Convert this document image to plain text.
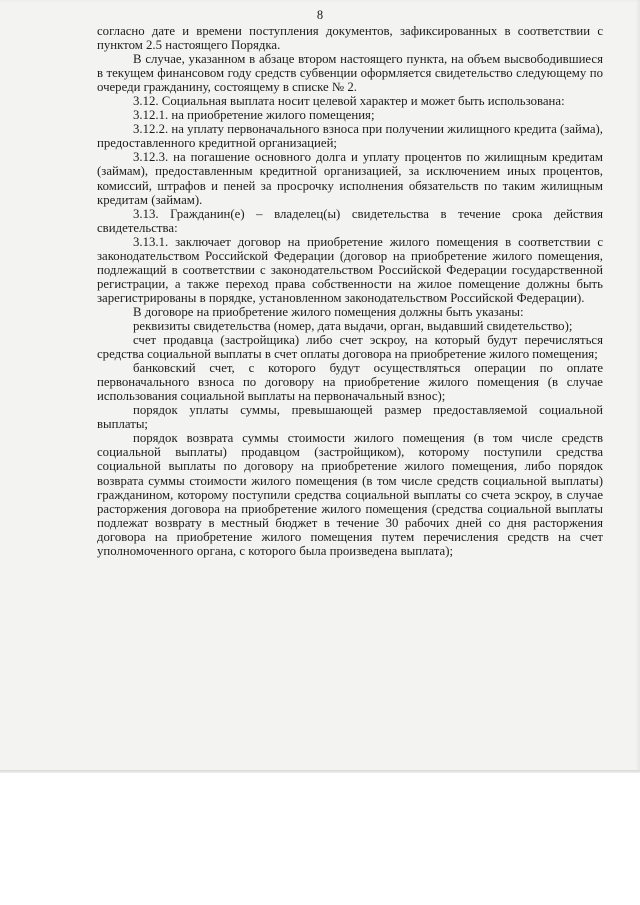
8

согласно дате и времени поступления документов, зафиксированных в соответствии с пунктом 2.5 настоящего Порядка.

В случае, указанном в абзаце втором настоящего пункта, на объем высвободившиеся в текущем финансовом году средств субвенции оформляется свидетельство следующему по очереди гражданину, состоящему в списке № 2.

3.12. Социальная выплата носит целевой характер и может быть использована:

3.12.1. на приобретение жилого помещения;

3.12.2. на уплату первоначального взноса при получении жилищного кредита (займа), предоставленного кредитной организацией;

3.12.3. на погашение основного долга и уплату процентов по жилищным кредитам (займам), предоставленным кредитной организацией, за исключением иных процентов, комиссий, штрафов и пеней за просрочку исполнения обязательств по таким жилищным кредитам (займам).

3.13. Гражданин(е) – владелец(ы) свидетельства в течение срока действия свидетельства:

3.13.1. заключает договор на приобретение жилого помещения в соответствии с законодательством Российской Федерации (договор на приобретение жилого помещения, подлежащий в соответствии с законодательством Российской Федерации государственной регистрации, а также переход права собственности на жилое помещение должны быть зарегистрированы в порядке, установленном законодательством Российской Федерации).

В договоре на приобретение жилого помещения должны быть указаны:

реквизиты свидетельства (номер, дата выдачи, орган, выдавший свидетельство);

счет продавца (застройщика) либо счет эскроу, на который будут перечисляться средства социальной выплаты в счет оплаты договора на приобретение жилого помещения;

банковский счет, с которого будут осуществляться операции по оплате первоначального взноса по договору на приобретение жилого помещения (в случае использования социальной выплаты на первоначальный взнос);

порядок уплаты суммы, превышающей размер предоставляемой социальной выплаты;

порядок возврата суммы стоимости жилого помещения (в том числе средств социальной выплаты) продавцом (застройщиком), которому поступили средства социальной выплаты по договору на приобретение жилого помещения, либо порядок возврата суммы стоимости жилого помещения (в том числе средств социальной выплаты) гражданином, которому поступили средства социальной выплаты со счета эскроу, в случае расторжения договора на приобретение жилого помещения (средства социальной выплаты подлежат возврату в местный бюджет в течение 30 рабочих дней со дня расторжения договора на приобретение жилого помещения путем перечисления средств на счет уполномоченного органа, с которого была произведена выплата);
